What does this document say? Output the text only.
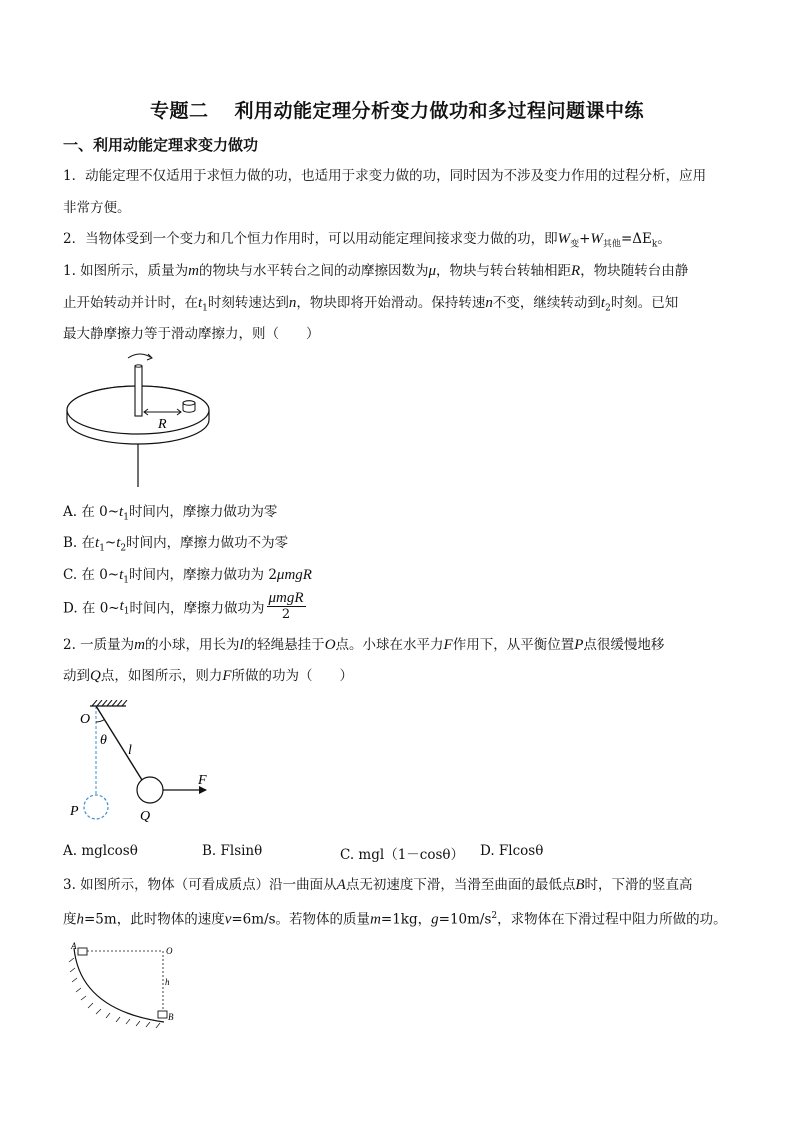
专题二 利用动能定理分析变力做功和多过程问题课中练
一、利用动能定理求变力做功
1．动能定理不仅适用于求恒力做的功，也适用于求变力做的功，同时因为不涉及变力作用的过程分析，应用
非常方便。
2．当物体受到一个变力和几个恒力作用时，可以用动能定理间接求变力做的功，即$W_变+W_{其他}=\Delta E_k$。
1. 如图所示，质量为m的物块与水平转台之间的动摩擦因数为μ，物块与转台转轴相距R，物块随转台由静
止开始转动并计时，在$t_1$时刻转速达到n，物块即将开始滑动。保持转速n不变，继续转动到$t_2$时刻。已知
最大静摩擦力等于滑动摩擦力，则（　　）
R
A. 在 $0\sim t_1$时间内，摩擦力做功为零
B. 在$t_1\sim t_2$时间内，摩擦力做功不为零
C. 在 $0\sim t_1$时间内，摩擦力做功为 2μmgR
D. 在 $0\sim t_1$时间内，摩擦力做功为 $\frac{\text{μmgR}}{2}$
2. 一质量为m的小球，用长为l的轻绳悬挂于O点。小球在水平力F作用下，从平衡位置P点很缓慢地移
动到Q点，如图所示，则力F所做的功为（　　）
O
θ
l
F
P	Q
A. mglcosθ	B. Flsinθ	C. mgl（1－cosθ） D. Flcosθ
3. 如图所示，物体（可看成质点）沿一曲面从A点无初速度下滑，当滑至曲面的最低点B时，下滑的竖直高
度h=5m，此时物体的速度v=6m/s。若物体的质量m=1kg，$g=10m/s^2$，求物体在下滑过程中阻力所做的功。
A	O
h
B
